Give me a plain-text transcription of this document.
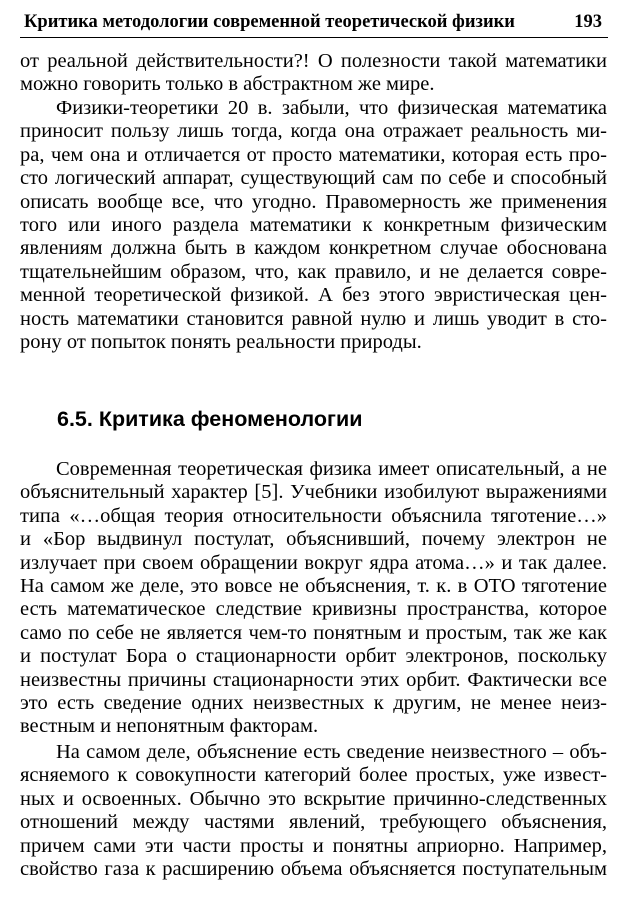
Критика методологии современной теоретической физики	193
от реальной действительности?! О полезности такой математики
можно говорить только в абстрактном же мире.
Физики-теоретики 20 в. забыли, что физическая математика
приносит пользу лишь тогда, когда она отражает реальность ми-
ра, чем она и отличается от просто математики, которая есть про-
сто логический аппарат, существующий сам по себе и способный
описать вообще все, что угодно. Правомерность же применения
того или иного раздела математики к конкретным физическим
явлениям должна быть в каждом конкретном случае обоснована
тщательнейшим образом, что, как правило, и не делается совре-
менной теоретической физикой. А без этого эвристическая цен-
ность математики становится равной нулю и лишь уводит в сто-
рону от попыток понять реальности природы.
6.5. Критика феноменологии
Современная теоретическая физика имеет описательный, а не
объяснительный характер [5]. Учебники изобилуют выражениями
типа «…общая теория относительности объяснила тяготение…»
и «Бор выдвинул постулат, объяснивший, почему электрон не
излучает при своем обращении вокруг ядра атома…» и так далее.
На самом же деле, это вовсе не объяснения, т. к. в ОТО тяготение
есть математическое следствие кривизны пространства, которое
само по себе не является чем-то понятным и простым, так же как
и постулат Бора о стационарности орбит электронов, поскольку
неизвестны причины стационарности этих орбит. Фактически все
это есть сведение одних неизвестных к другим, не менее неиз-
вестным и непонятным факторам.
На самом деле, объяснение есть сведение неизвестного – объ-
ясняемого к совокупности категорий более простых, уже извест-
ных и освоенных. Обычно это вскрытие причинно-следственных
отношений между частями явлений, требующего объяснения,
причем сами эти части просты и понятны априорно. Например,
свойство газа к расширению объема объясняется поступательным
